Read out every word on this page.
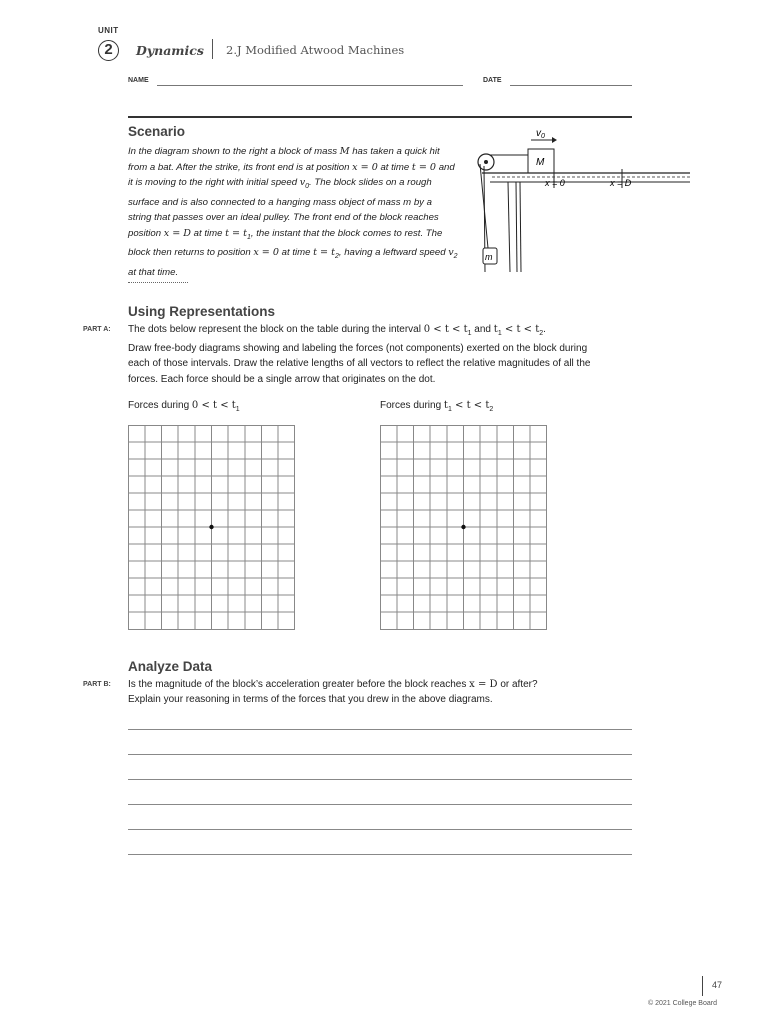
UNIT
2	Dynamics 2.J Modified Atwood Machines
NAME	DATE
Scenario
In the diagram shown to the right a block of mass M has taken a quick hit from a bat. After the strike, its front end is at position x = 0 at time t = 0 and it is moving to the right with initial speed $v_0$. The block slides on a rough surface and is also connected to a hanging mass object of mass m by a string that passes over an ideal pulley. The front end of the block reaches position x = D at time $t = t_1$, the instant that the block comes to rest. The block then returns to position x = 0 at time $t = t_2$, having a leftward speed $v_2$ at that time.
$v_0$
M
m
x = 0	x = D
Using Representations
PART A: The dots below represent the block on the table during the interval $0 < t < t_1$ and $t_1 < t < t_2$.
Draw free-body diagrams showing and labeling the forces (not components) exerted on the block during each of those intervals. Draw the relative lengths of all vectors to reflect the relative magnitudes of all the forces. Each force should be a single arrow that originates on the dot.
Forces during $0 < t < t_1$	Forces during $t_1 < t < t_2$
Analyze Data
PART B: Is the magnitude of the block’s acceleration greater before the block reaches x = D or after?
Explain your reasoning in terms of the forces that you drew in the above diagrams.
47
© 2021 College Board
